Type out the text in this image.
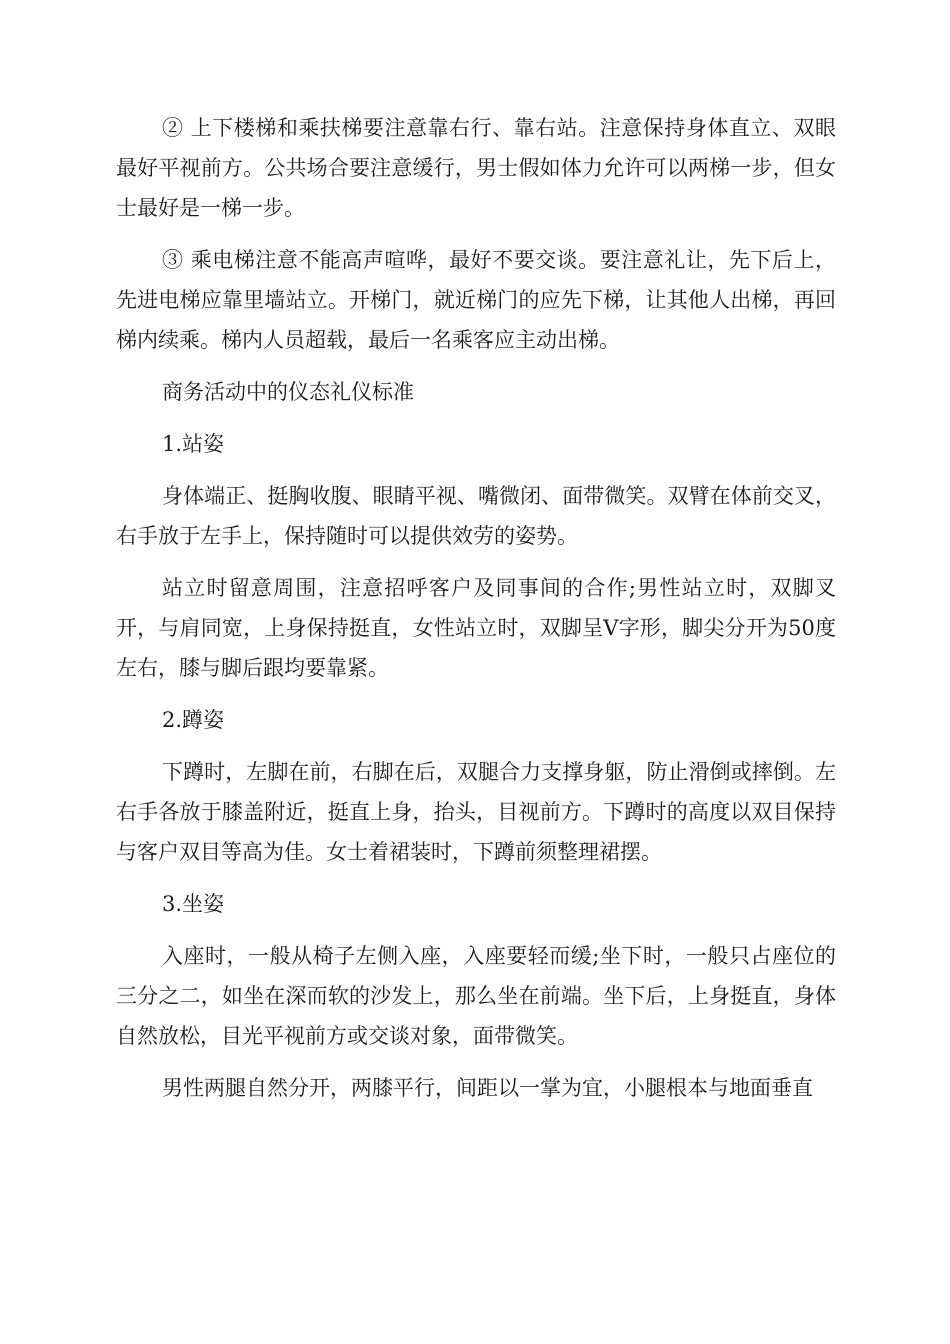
② 上下楼梯和乘扶梯要注意靠右行、靠右站。注意保持身体直立、双眼最好平视前方。公共场合要注意缓行，男士假如体力允许可以两梯一步，但女士最好是一梯一步。

③ 乘电梯注意不能高声喧哗，最好不要交谈。要注意礼让，先下后上，先进电梯应靠里墙站立。开梯门，就近梯门的应先下梯，让其他人出梯，再回梯内续乘。梯内人员超载，最后一名乘客应主动出梯。

商务活动中的仪态礼仪标准

1.站姿

身体端正、挺胸收腹、眼睛平视、嘴微闭、面带微笑。双臂在体前交叉，右手放于左手上，保持随时可以提供效劳的姿势。

站立时留意周围，注意招呼客户及同事间的合作;男性站立时，双脚叉开，与肩同宽，上身保持挺直，女性站立时，双脚呈V字形，脚尖分开为50度左右，膝与脚后跟均要靠紧。

2.蹲姿

下蹲时，左脚在前，右脚在后，双腿合力支撑身躯，防止滑倒或摔倒。左右手各放于膝盖附近，挺直上身，抬头，目视前方。下蹲时的高度以双目保持与客户双目等高为佳。女士着裙装时，下蹲前须整理裙摆。

3.坐姿

入座时，一般从椅子左侧入座，入座要轻而缓;坐下时，一般只占座位的三分之二，如坐在深而软的沙发上，那么坐在前端。坐下后，上身挺直，身体自然放松，目光平视前方或交谈对象，面带微笑。

男性两腿自然分开，两膝平行，间距以一掌为宜，小腿根本与地面垂直
